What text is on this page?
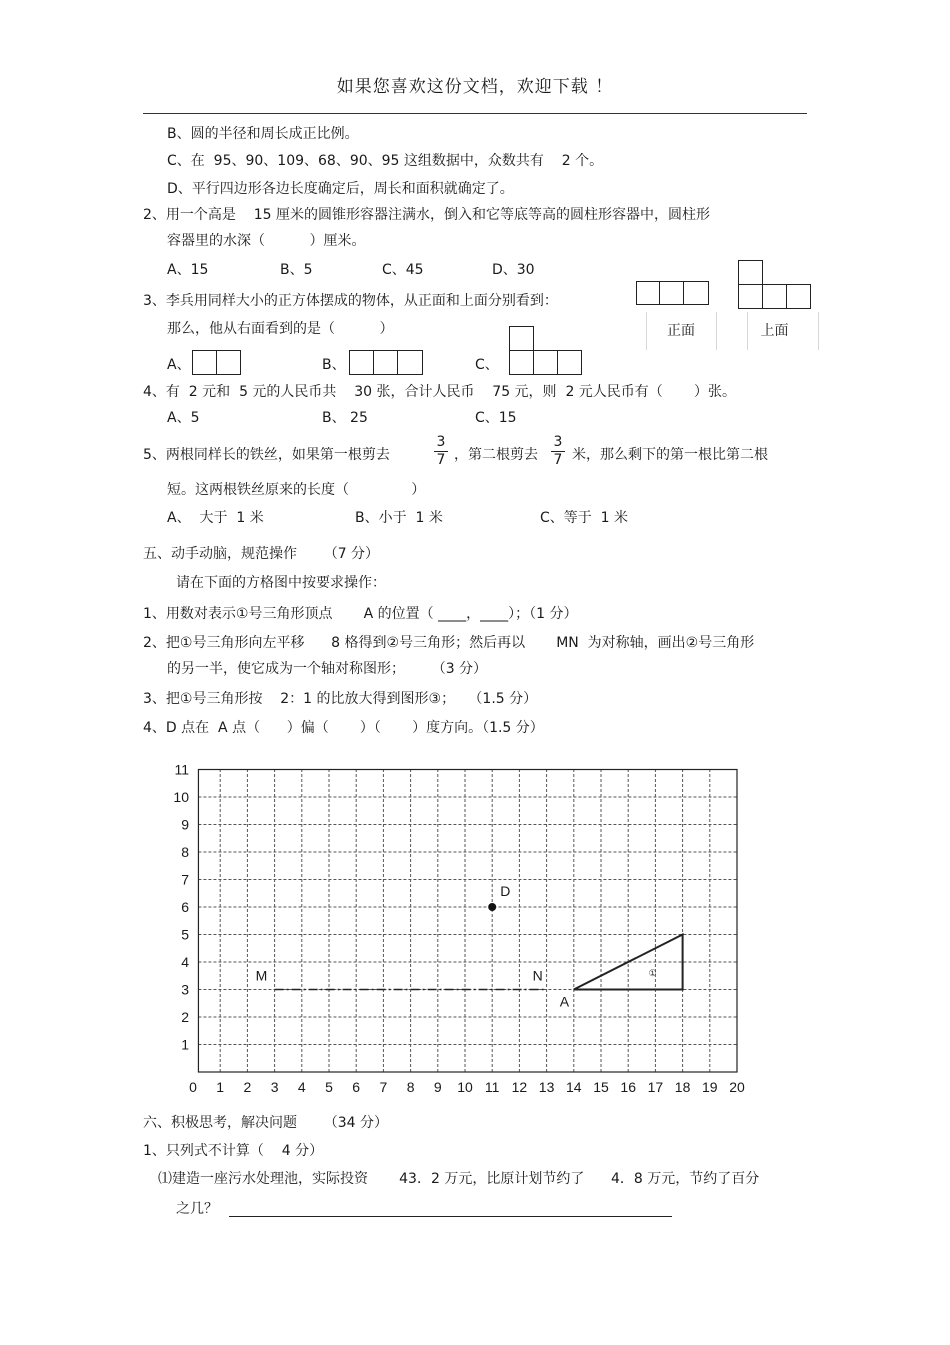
如果您喜欢这份文档，欢迎下载 ！
B、圆的半径和周长成正比例。
C、在  95、90、109、68、90、95 这组数据中，众数共有    2 个。
D、平行四边形各边长度确定后，周长和面积就确定了。
2、用一个高是    15 厘米的圆锥形容器注满水，倒入和它等底等高的圆柱形容器中，圆柱形
容器里的水深（          ）厘米。
A、15	B、5	C、45	D、30
3、李兵用同样大小的正方体摆成的物体，从正面和上面分别看到：
那么，他从右面看到的是（          ）	正面	上面
A、	B、	C、
4、有  2 元和  5 元的人民币共    30 张，合计人民币    75 元，则  2 元人民币有（       ）张。
A、5	B、 25	C、15
5、两根同样长的铁丝，如果第一根剪去	$\frac{3}{7}$ ，第二根剪去 $\frac{3}{7}$ 米，那么剩下的第一根比第二根
短。这两根铁丝原来的长度（              ）
A、  大于  1 米	B、小于  1 米	C、等于  1 米
五、动手动脑，规范操作      （7 分）
请在下面的方格图中按要求操作：
1、用数对表示①号三角形顶点       A 的位置（ ____，____）；（1 分）
2、把①号三角形向左平移      8 格得到②号三角形；然后再以       MN  为对称轴，画出②号三角形
的另一半，使它成为一个轴对称图形；      （3 分）
3、把①号三角形按    2：1 的比放大得到图形③；   （1.5 分）
4、D 点在  A 点（      ）偏（       ）（       ）度方向。（1.5 分）
0 1 2 3 4 5 6 7 8 9 10 11 12 13 14 15 16 17 18 19 20
1
2
3
4
5
6
7
8
9
10
11
M	N
D
A
①
六、积极思考，解决问题      （34 分）
1、只列式不计算（    4 分）
⑴建造一座污水处理池，实际投资       43．2 万元，比原计划节约了      4．8 万元，节约了百分
之几？
